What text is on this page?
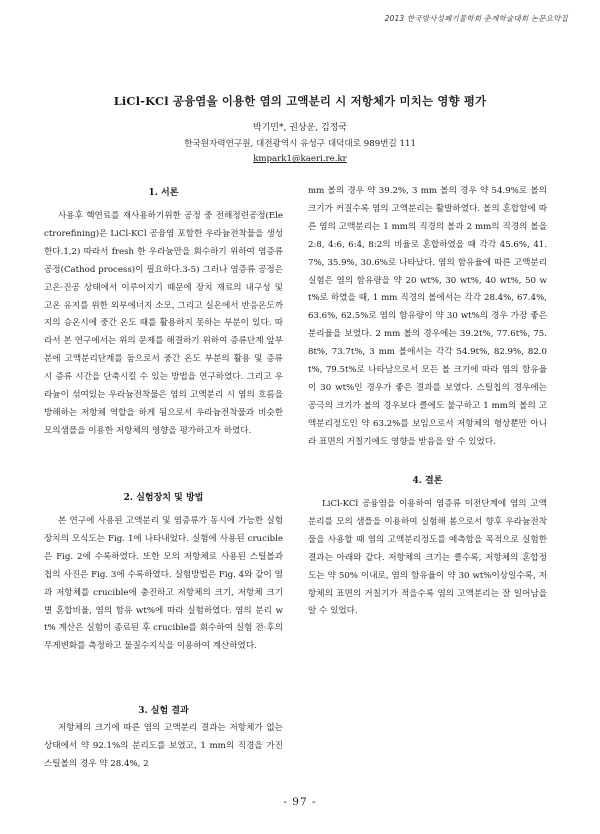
2013 한국방사성폐기물학회 춘계학술대회 논문요약집
LiCl-KCl 공융염을 이용한 염의 고액분리 시 저항체가 미치는 영향 평가
박기민*, 권상운, 김정국
한국원자력연구원, 대전광역시 유성구 대덕대로 989번길 111
kmpark1@kaeri.re.kr
1. 서론
사용후 핵연료를 재사용하기위한 공정 중 전해정련공정(Electrorefining)은 LiCl-KCl 공융염 포함한 우라늄전착물을 생성한다.1,2) 따라서 fresh 한 우라늄만을 회수하기 위하여 염증류공정(Cathod process)이 필요하다.3-5) 그러나 염증류 공정은 고온·진공 상태에서 이루어지기 때문에 장치 재료의 내구성 및 고온 유지를 위한 외부에너지 소모, 그리고 실온에서 반응온도까지의 승온시에 중간 온도 때를 활용하지 못하는 부분이 있다. 따라서 본 연구에서는 위의 문제를 해결하기 위하여 증류단계 앞부분에 고액분리단계를 둠으로서 중간 온도 부분의 활용 및 증류 시 증류 시간을 단축시킬 수 있는 방법을 연구하였다. 그리고 우라늄이 섞여있는 우라늄전착물은 염의 고액분리 시 염의 흐름을 방해하는 저항체 역할을 하게 됨으로서 우라늄전착물과 비슷한 모의샘플을 이용한 저항체의 영향을 평가하고자 하였다.
2. 실험장치 및 방법
본 연구에 사용된 고액분리 및 염증류가 동시에 가능한 실험장치의 모식도는 Fig. 1에 나타내었다. 실험에 사용된 crucible은 Fig. 2에 수록하였다. 또한 모의 저항체로 사용된 스틸볼과 칩의 사진은 Fig. 3에 수록하였다. 실험방법은 Fig. 4와 같이 염과 저항체를 crucible에 충진하고 저항체의 크기, 저항체 크기별 혼합비율, 염의 함유 wt%에 따라 실험하였다. 염의 분리 wt% 계산은 실험이 종료된 후 crucible를 회수하여 실험 전·후의 무게변화를 측정하고 물질수지식을 이용하여 계산하였다.
3. 실험 결과
저항체의 크기에 따른 염의 고액분리 결과는 저항체가 없는 상태에서 약 92.1%의 분리도를 보였고, 1 mm의 직경을 가진 스틸볼의 경우 약 28.4%, 2
mm 볼의 경우 약 39.2%, 3 mm 볼의 경우 약 54.9%로 볼의 크기가 커질수록 염의 고액분리는 활발하였다. 볼의 혼합함에 따른 염의 고액분리는 1 mm의 직경의 볼과 2 mm의 직경의 볼을 2:8, 4:6, 6:4, 8:2의 비율로 혼합하였을 때 각각 45.6%, 41.7%, 35.9%, 30.6%로 나타났다. 염의 함유율에 따른 고액분리 실험은 염의 함유량을 약 20 wt%, 30 wt%, 40 wt%, 50 wt%로 하였을 때, 1 mm 직경의 볼에서는 각각 28.4%, 67.4%, 63.6%, 62.5%로 염의 함유량이 약 30 wt%의 경우 가장 좋은 분리율을 보였다. 2 mm 볼의 경우에는 39.2t%, 77.6t%, 75.8t%, 73.7t%, 3 mm 볼에서는 각각 54.9t%, 82.9%, 82.0t%, 79.5t%로 나타남으로서 모든 볼 크기에 따라 염의 함유율이 30 wt%인 경우가 좋은 결과를 보였다. 스틸칩의 경우에는 공극의 크기가 볼의 경우보다 클에도 불구하고 1 mm의 볼의 고액분리정도인 약 63.2%를 보임으로서 저항체의 형상뿐만 아니라 표면의 거칠기에도 영향을 받음을 알 수 있었다.
4. 결론
LiCl-KCl 공융염을 이용하여 염증류 이전단계에 염의 고액분리를 모의 샘플을 이용하여 실험해 봄으로서 향후 우라늄전착물을 사용할 때 염의 고액분리정도를 예측함을 목적으로 실험한 결과는 아래와 같다. 저항체의 크기는 클수록, 저항체의 혼합정도는 약 50% 이내로, 염의 함유율이 약 30 wt%이상일수록, 저항체의 표면의 거칠기가 적을수록 염의 고액분리는 잘 일어남을 알 수 있었다.
- 97 -
